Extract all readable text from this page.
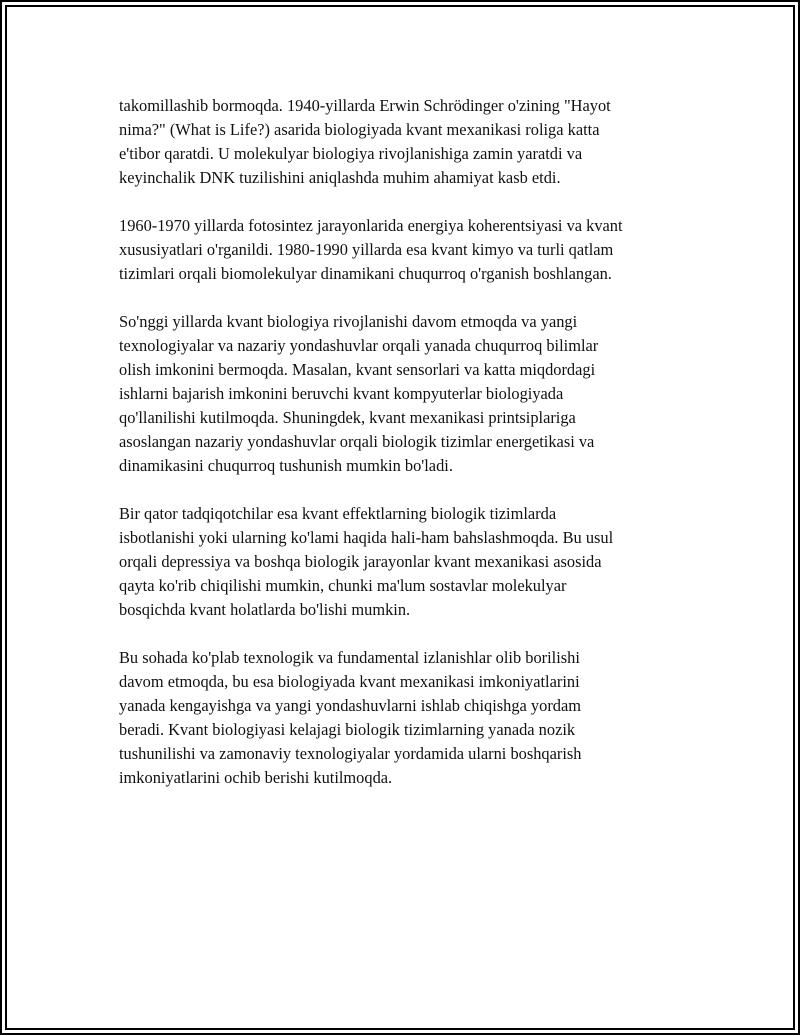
takomillashib bormoqda. 1940-yillarda Erwin Schrödinger o'zining "Hayot
nima?" (What is Life?) asarida biologiyada kvant mexanikasi roliga katta
e'tibor qaratdi. U molekulyar biologiya rivojlanishiga zamin yaratdi va
keyinchalik DNK tuzilishini aniqlashda muhim ahamiyat kasb etdi.

1960-1970 yillarda fotosintez jarayonlarida energiya koherentsiyasi va kvant
xususiyatlari o'rganildi. 1980-1990 yillarda esa kvant kimyo va turli qatlam
tizimlari orqali biomolekulyar dinamikani chuqurroq o'rganish boshlangan.

So'nggi yillarda kvant biologiya rivojlanishi davom etmoqda va yangi
texnologiyalar va nazariy yondashuvlar orqali yanada chuqurroq bilimlar
olish imkonini bermoqda. Masalan, kvant sensorlari va katta miqdordagi
ishlarni bajarish imkonini beruvchi kvant kompyuterlar biologiyada
qo'llanilishi kutilmoqda. Shuningdek, kvant mexanikasi printsiplariga
asoslangan nazariy yondashuvlar orqali biologik tizimlar energetikasi va
dinamikasini chuqurroq tushunish mumkin bo'ladi.

Bir qator tadqiqotchilar esa kvant effektlarning biologik tizimlarda
isbotlanishi yoki ularning ko'lami haqida hali-ham bahslashmoqda. Bu usul
orqali depressiya va boshqa biologik jarayonlar kvant mexanikasi asosida
qayta ko'rib chiqilishi mumkin, chunki ma'lum sostavlar molekulyar
bosqichda kvant holatlarda bo'lishi mumkin.

Bu sohada ko'plab texnologik va fundamental izlanishlar olib borilishi
davom etmoqda, bu esa biologiyada kvant mexanikasi imkoniyatlarini
yanada kengayishga va yangi yondashuvlarni ishlab chiqishga yordam
beradi. Kvant biologiyasi kelajagi biologik tizimlarning yanada nozik
tushunilishi va zamonaviy texnologiyalar yordamida ularni boshqarish
imkoniyatlarini ochib berishi kutilmoqda.
